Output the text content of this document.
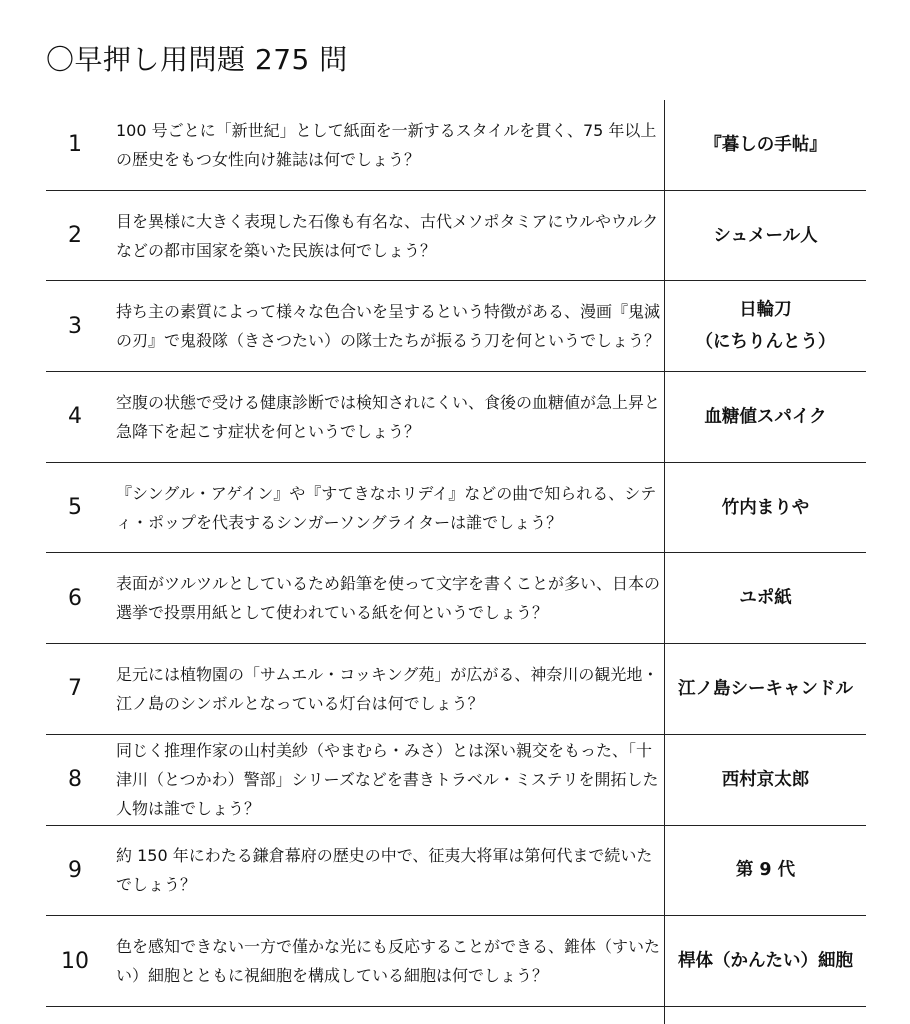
〇早押し用問題 275 問
1
100 号ごとに「新世紀」として紙面を一新するスタイルを貫く、75 年以上の歴史をもつ女性向け雑誌は何でしょう？
『暮しの手帖』
2
目を異様に大きく表現した石像も有名な、古代メソポタミアにウルやウルクなどの都市国家を築いた民族は何でしょう？
シュメール人
3
持ち主の素質によって様々な色合いを呈するという特徴がある、漫画『鬼滅の刃』で鬼殺隊（きさつたい）の隊士たちが振るう刀を何というでしょう？
日輪刀
（にちりんとう）
4
空腹の状態で受ける健康診断では検知されにくい、食後の血糖値が急上昇と急降下を起こす症状を何というでしょう？
血糖値スパイク
5
『シングル・アゲイン』や『すてきなホリデイ』などの曲で知られる、シティ・ポップを代表するシンガーソングライターは誰でしょう？
竹内まりや
6
表面がツルツルとしているため鉛筆を使って文字を書くことが多い、日本の選挙で投票用紙として使われている紙を何というでしょう？
ユポ紙
7
足元には植物園の「サムエル・コッキング苑」が広がる、神奈川の観光地・江ノ島のシンボルとなっている灯台は何でしょう？
江ノ島シーキャンドル
8
同じく推理作家の山村美紗（やまむら・みさ）とは深い親交をもった、「十津川（とつかわ）警部」シリーズなどを書きトラベル・ミステリを開拓した人物は誰でしょう？
西村京太郎
9
約 150 年にわたる鎌倉幕府の歴史の中で、征夷大将軍は第何代まで続いたでしょう？
第 9 代
10
色を感知できない一方で僅かな光にも反応することができる、錐体（すいたい）細胞とともに視細胞を構成している細胞は何でしょう？
桿体（かんたい）細胞
